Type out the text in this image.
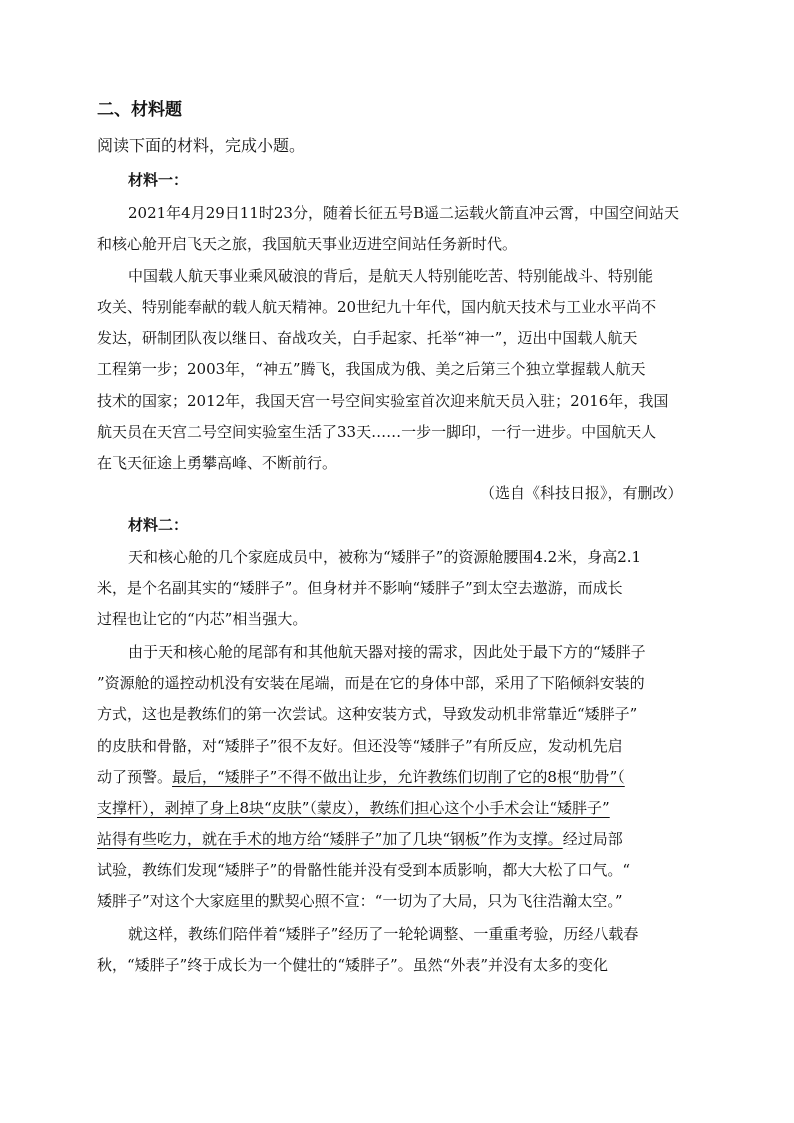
二、材料题
阅读下面的材料，完成小题。
材料一：
2021年4月29日11时23分，随着长征五号B遥二运载火箭直冲云霄，中国空间站天
和核心舱开启飞天之旅，我国航天事业迈进空间站任务新时代。
中国载人航天事业乘风破浪的背后，是航天人特别能吃苦、特别能战斗、特别能
攻关、特别能奉献的载人航天精神。20世纪九十年代，国内航天技术与工业水平尚不
发达，研制团队夜以继日、奋战攻关，白手起家、托举“神一”，迈出中国载人航天
工程第一步；2003年，“神五”腾飞，我国成为俄、美之后第三个独立掌握载人航天
技术的国家；2012年，我国天宫一号空间实验室首次迎来航天员入驻；2016年，我国
航天员在天宫二号空间实验室生活了33天……一步一脚印，一行一进步。中国航天人
在飞天征途上勇攀高峰、不断前行。
（选自《科技日报》，有删改）
材料二：
天和核心舱的几个家庭成员中，被称为“矮胖子”的资源舱腰围4.2米，身高2.1
米，是个名副其实的“矮胖子”。但身材并不影响“矮胖子”到太空去遨游，而成长
过程也让它的“内芯”相当强大。
由于天和核心舱的尾部有和其他航天器对接的需求，因此处于最下方的“矮胖子
”资源舱的遥控动机没有安装在尾端，而是在它的身体中部，采用了下陷倾斜安装的
方式，这也是教练们的第一次尝试。这种安装方式，导致发动机非常靠近“矮胖子”
的皮肤和骨骼，对“矮胖子”很不友好。但还没等“矮胖子”有所反应，发动机先启
动了预警。最后，“矮胖子”不得不做出让步，允许教练们切削了它的8根“肋骨”（
支撑杆），剥掉了身上8块“皮肤”（蒙皮），教练们担心这个小手术会让“矮胖子”
站得有些吃力，就在手术的地方给“矮胖子”加了几块“钢板”作为支撑。经过局部
试验，教练们发现“矮胖子”的骨骼性能并没有受到本质影响，都大大松了口气。“
矮胖子”对这个大家庭里的默契心照不宣：“一切为了大局，只为飞往浩瀚太空。”
就这样，教练们陪伴着“矮胖子”经历了一轮轮调整、一重重考验，历经八载春
秋，“矮胖子”终于成长为一个健壮的“矮胖子”。虽然“外表”并没有太多的变化
